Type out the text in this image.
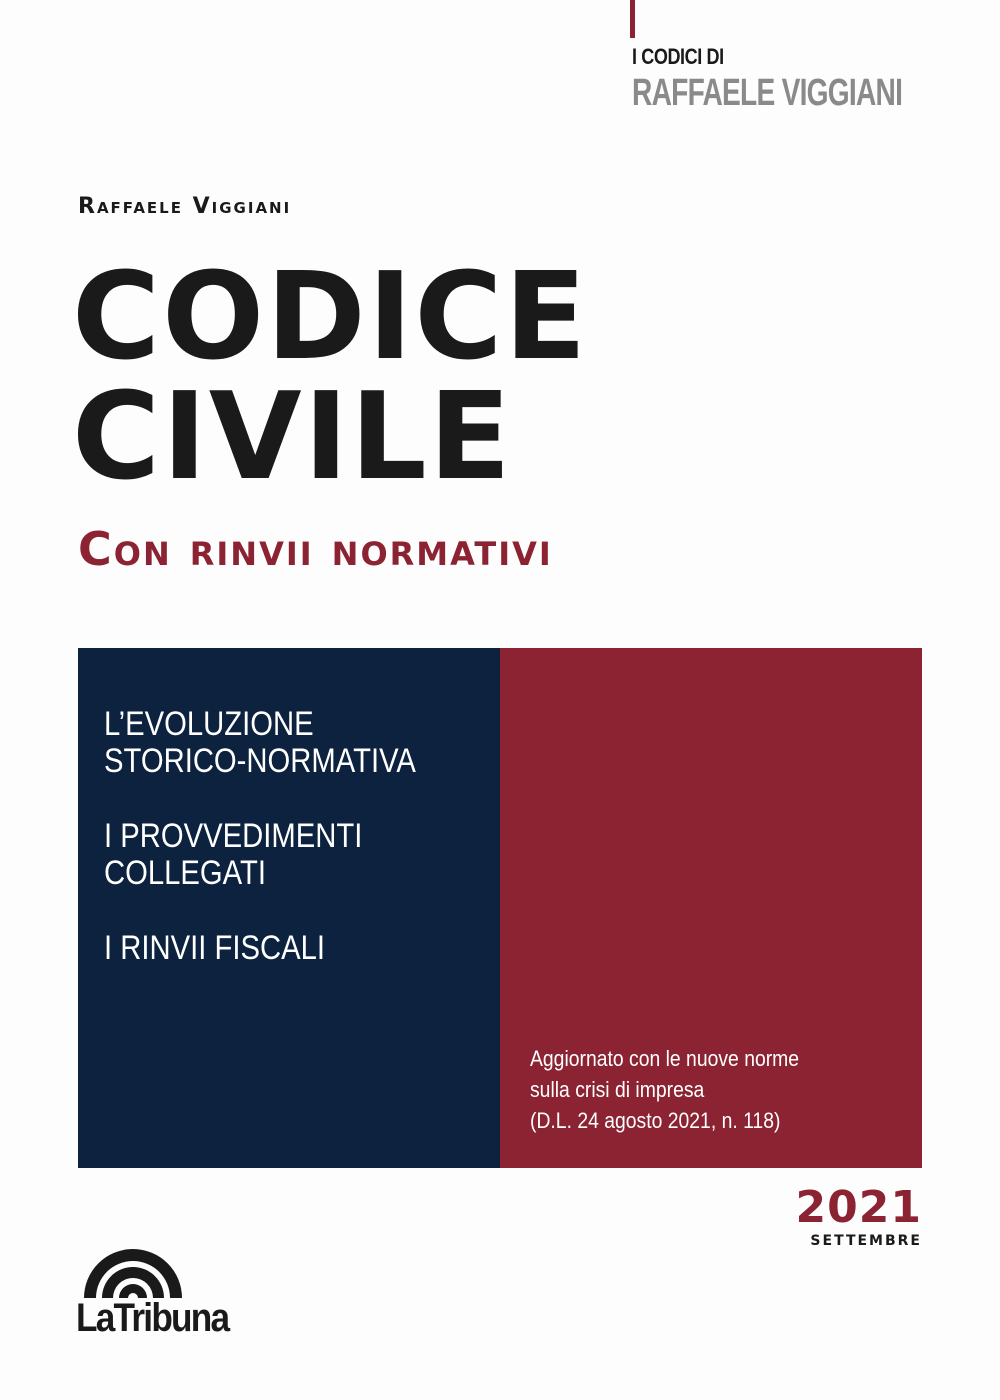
I CODICI DI
RAFFAELE VIGGIANI
Raffaele Viggiani
CODICE
CIVILE
Con rinvii normativi
L’EVOLUZIONE
STORICO-NORMATIVA
I PROVVEDIMENTI
COLLEGATI
I RINVII FISCALI
Aggiornato con le nuove norme
sulla crisi di impresa
(D.L. 24 agosto 2021, n. 118)
2021
SETTEMBRE
LaTribuna
